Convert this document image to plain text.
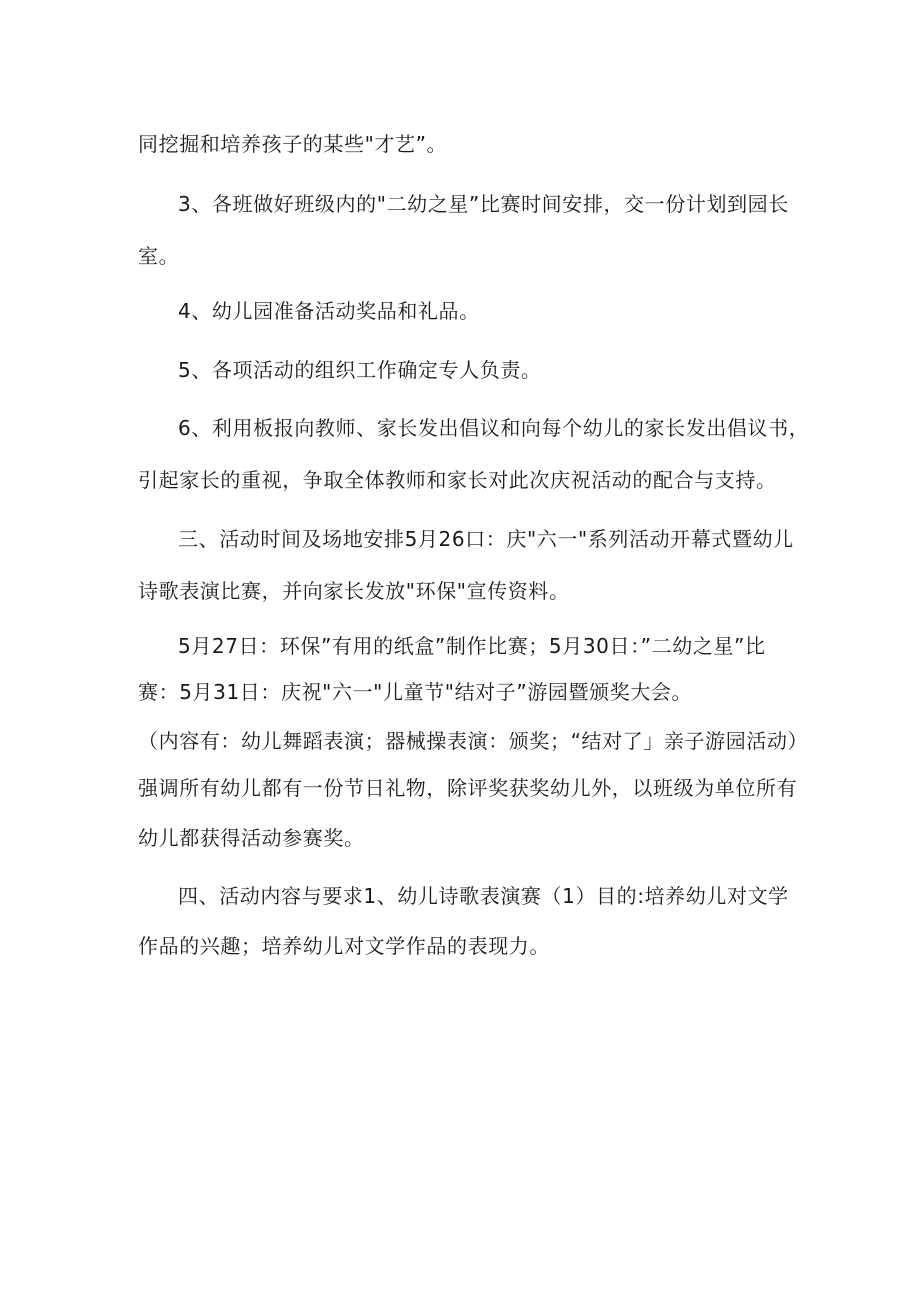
同挖掘和培养孩子的某些"才艺”。
3、各班做好班级内的"二幼之星”比赛时间安排，交一份计划到园长
室。
4、幼儿园准备活动奖品和礼品。
5、各项活动的组织工作确定专人负责。
6、利用板报向教师、家长发出倡议和向每个幼儿的家长发出倡议书，
引起家长的重视，争取全体教师和家长对此次庆祝活动的配合与支持。
三、活动时间及场地安排5月26口：庆"六一"系列活动开幕式暨幼儿
诗歌表演比赛，并向家长发放"环保"宣传资料。
5月27日：环保”有用的纸盒”制作比赛；5月30日：”二幼之星”比
赛：5月31日：庆祝"六一"儿童节"结对子”游园暨颁奖大会。
（内容有：幼儿舞蹈表演；器械操表演：颁奖；“结对了」亲子游园活动）
强调所有幼儿都有一份节日礼物，除评奖获奖幼儿外，以班级为单位所有
幼儿都获得活动参赛奖。
四、活动内容与要求1、幼儿诗歌表演赛（1）目的:培养幼儿对文学
作品的兴趣；培养幼儿对文学作品的表现力。
